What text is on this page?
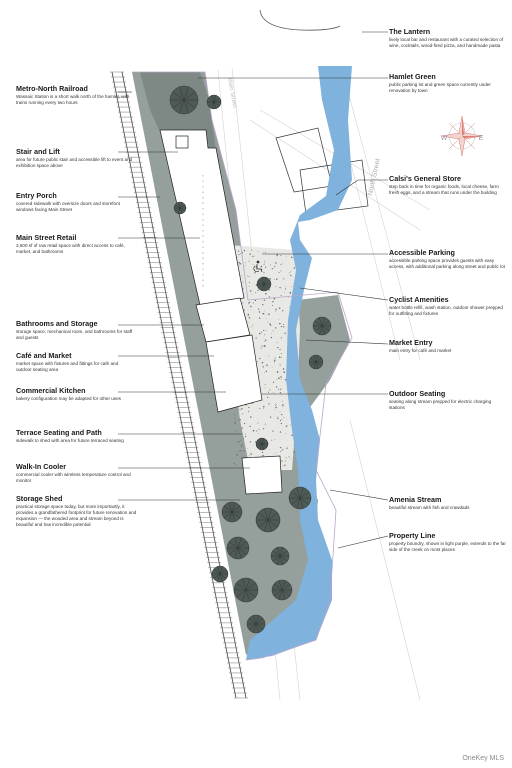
W	E
North Street
Main Street
Metro-North Railroad
Wassaic Station is a short walk north of the hamlet, with trains running every two hours
Stair and Lift
area for future public stair and accessible lift to event and exhibition space above
Entry Porch
covered sidewalk with oversize doors and storefont windows facing Main Street
Main Street Retail
3,600 sf of raw retail space with direct access to café, market, and bathrooms
Bathrooms and Storage
storage space, mechanical room, and bathrooms for staff and guests
Café and Market
market space with fixtures and fittings for café and outdoor seating area
Commercial Kitchen
bakery configuration may be adapted for other uses
Terrace Seating and Path
sidewalk to shed with area for future terraced seating
Walk-In Cooler
commercial cooler with wireless temperature control and monitor
Storage Shed
practical storage space today, but more importantly, it provides a grandfathered footprint for future renovation and expansion — the wooded area and stream beyond is beautiful and has incredible potential
The Lantern
lively local bar and restaurant with a curated selection of wine, cocktails, wood-fired pizza, and handmade pasta
Hamlet Green
public parking lot and green space currently under renovation by town
Calsi's General Store
step back in time for organic foods, local cheese, farm fresh eggs, and a stream that runs under the building
Accessible Parking
accessible parking space provides guests with easy access, with additional parking along street and public lot
Cyclist Amenities
water bottle refill, wash station, outdoor shower prepped for outfitting and fixtures
Market Entry
main entry for café and market
Outdoor Seating
seating along stream prepped for electric charging stations
Amenia Stream
beautiful stream with fish and crawdads
Property Line
property boundry, shown in light purple, extends to the far side of the creek on most places
OneKey MLS
